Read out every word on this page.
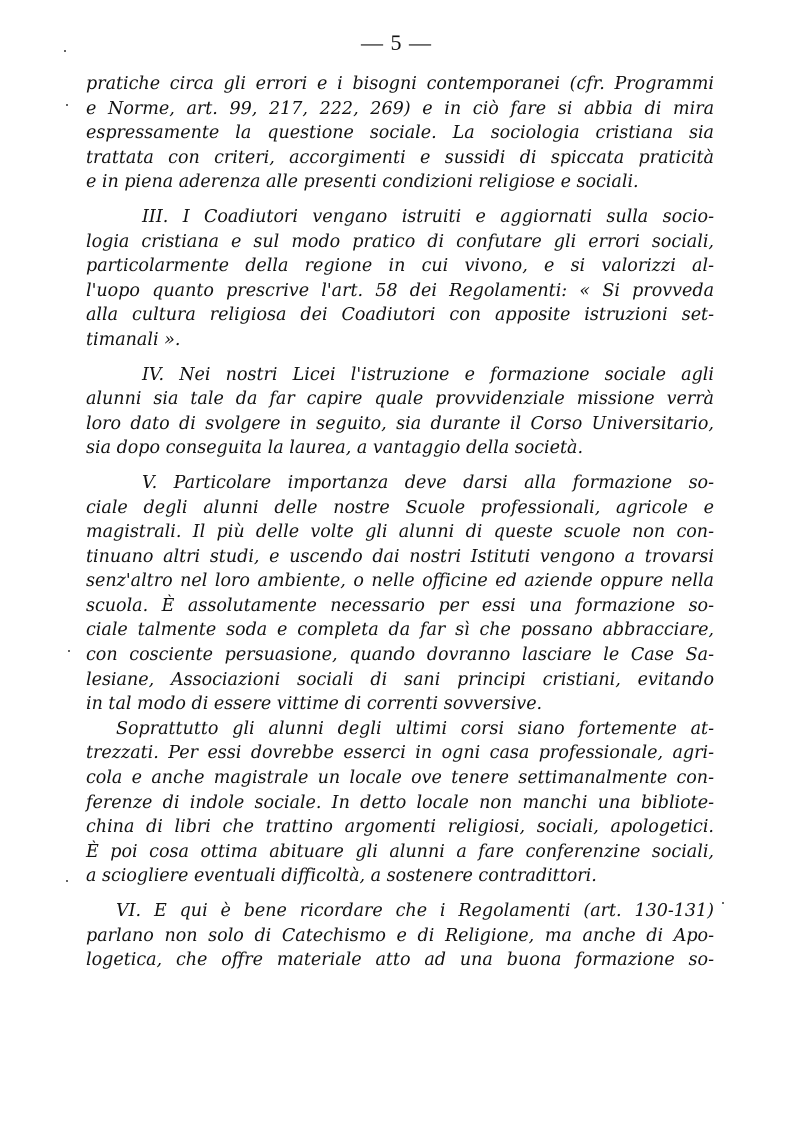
— 5 —
pratiche circa gli errori e i bisogni contemporanei (cfr. Programmi
e Norme, art. 99, 217, 222, 269) e in ciò fare si abbia di mira
espressamente la questione sociale. La sociologia cristiana sia
trattata con criteri, accorgimenti e sussidi di spiccata praticità
e in piena aderenza alle presenti condizioni religiose e sociali.
III. I Coadiutori vengano istruiti e aggiornati sulla socio-
logia cristiana e sul modo pratico di confutare gli errori sociali,
particolarmente della regione in cui vivono, e si valorizzi al-
l'uopo quanto prescrive l'art. 58 dei Regolamenti: « Si provveda
alla cultura religiosa dei Coadiutori con apposite istruzioni set-
timanali ».
IV. Nei nostri Licei l'istruzione e formazione sociale agli
alunni sia tale da far capire quale provvidenziale missione verrà
loro dato di svolgere in seguito, sia durante il Corso Universitario,
sia dopo conseguita la laurea, a vantaggio della società.
V. Particolare importanza deve darsi alla formazione so-
ciale degli alunni delle nostre Scuole professionali, agricole e
magistrali. Il più delle volte gli alunni di queste scuole non con-
tinuano altri studi, e uscendo dai nostri Istituti vengono a trovarsi
senz'altro nel loro ambiente, o nelle officine ed aziende oppure nella
scuola. È assolutamente necessario per essi una formazione so-
ciale talmente soda e completa da far sì che possano abbracciare,
con cosciente persuasione, quando dovranno lasciare le Case Sa-
lesiane, Associazioni sociali di sani principi cristiani, evitando
in tal modo di essere vittime di correnti sovversive.
Soprattutto gli alunni degli ultimi corsi siano fortemente at-
trezzati. Per essi dovrebbe esserci in ogni casa professionale, agri-
cola e anche magistrale un locale ove tenere settimanalmente con-
ferenze di indole sociale. In detto locale non manchi una bibliote-
china di libri che trattino argomenti religiosi, sociali, apologetici.
È poi cosa ottima abituare gli alunni a fare conferenzine sociali,
a sciogliere eventuali difficoltà, a sostenere contradittori.
VI. E qui è bene ricordare che i Regolamenti (art. 130-131)
parlano non solo di Catechismo e di Religione, ma anche di Apo-
logetica, che offre materiale atto ad una buona formazione so-
